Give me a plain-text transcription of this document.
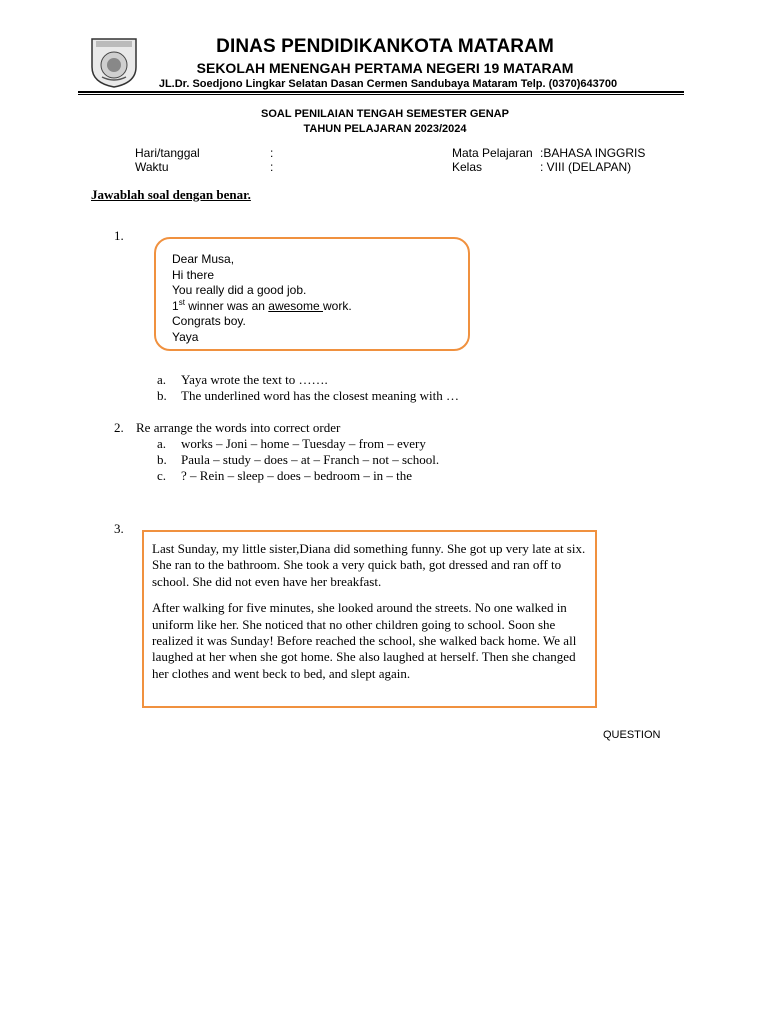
DINAS PENDIDIKANKOTA MATARAM
SEKOLAH MENENGAH PERTAMA NEGERI 19 MATARAM
JL.Dr. Soedjono Lingkar Selatan Dasan Cermen Sandubaya Mataram Telp. (0370)643700
SOAL PENILAIAN TENGAH SEMESTER GENAP
TAHUN PELAJARAN 2023/2024
Hari/tanggal	:
Waktu	:
Mata Pelajaran :BAHASA INGGRIS
Kelas	: VIII (DELAPAN)
Jawablah soal dengan benar.
1.
Dear Musa,
Hi there
You really did a good job.
1st winner was an awesome work.
Congrats boy.
Yaya
a. Yaya wrote the text to …….
b. The underlined word has the closest meaning with …
2. Re arrange the words into correct order
a. works – Joni – home – Tuesday – from – every
b. Paula – study – does – at – Franch – not – school.
c. ? – Rein – sleep – does – bedroom – in – the
3.

Last Sunday, my little sister,Diana did something funny. She got up very late at six. She ran to the bathroom. She took a very quick bath, got dressed and ran off to school. She did not even have her breakfast.

After walking for five minutes, she looked around the streets. No one walked in uniform like her. She noticed that no other children going to school. Soon she realized it was Sunday! Before reached the school, she walked back home. We all laughed at her when she got home. She also laughed at herself. Then she changed her clothes and went beck to bed, and slept again.

QUESTION
